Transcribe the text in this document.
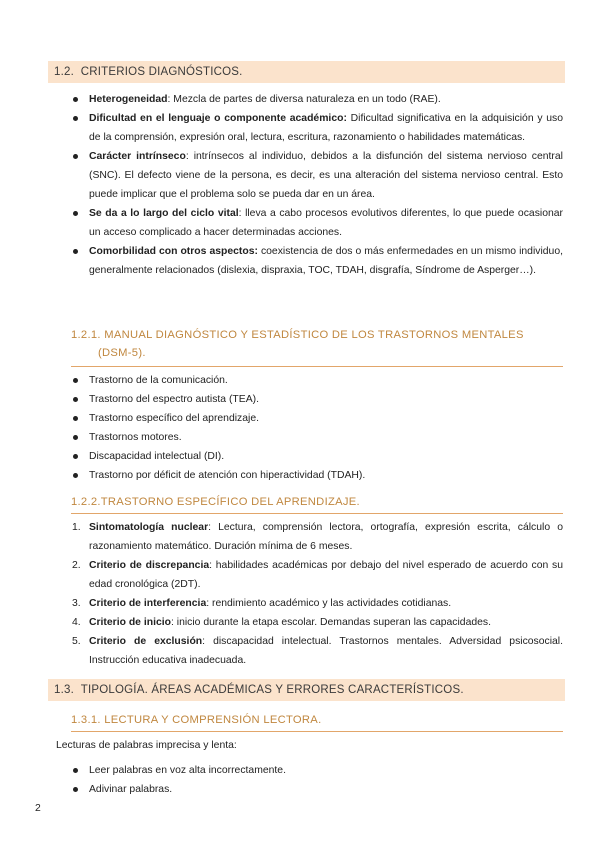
1.2.
CRITERIOS DIAGNÓSTICOS.
Heterogeneidad: Mezcla de partes de diversa naturaleza en un todo (RAE).
Dificultad en el lenguaje o componente académico: Dificultad significativa en la adquisición y uso de la comprensión, expresión oral, lectura, escritura, razonamiento o habilidades matemáticas.
Carácter intrínseco: intrínsecos al individuo, debidos a la disfunción del sistema nervioso central (SNC). El defecto viene de la persona, es decir, es una alteración del sistema nervioso central. Esto puede implicar que el problema solo se pueda dar en un área.
Se da a lo largo del ciclo vital: lleva a cabo procesos evolutivos diferentes, lo que puede ocasionar un acceso complicado a hacer determinadas acciones.
Comorbilidad con otros aspectos: coexistencia de dos o más enfermedades en un mismo individuo, generalmente relacionados (dislexia, dispraxia, TOC, TDAH, disgrafía, Síndrome de Asperger…).
1.2.1. MANUAL DIAGNÓSTICO Y ESTADÍSTICO DE LOS TRASTORNOS MENTALES
(DSM-5).
Trastorno de la comunicación.
Trastorno del espectro autista (TEA).
Trastorno específico del aprendizaje.
Trastornos motores.
Discapacidad intelectual (DI).
Trastorno por déficit de atención con hiperactividad (TDAH).
1.2.2.TRASTORNO ESPECÍFICO DEL APRENDIZAJE.
1. Sintomatología nuclear: Lectura, comprensión lectora, ortografía, expresión escrita, cálculo o razonamiento matemático. Duración mínima de 6 meses.
2. Criterio de discrepancia: habilidades académicas por debajo del nivel esperado de acuerdo con su edad cronológica (2DT).
3. Criterio de interferencia: rendimiento académico y las actividades cotidianas.
4. Criterio de inicio: inicio durante la etapa escolar. Demandas superan las capacidades.
5. Criterio de exclusión: discapacidad intelectual. Trastornos mentales. Adversidad psicosocial. Instrucción educativa inadecuada.
1.3.
TIPOLOGÍA. ÁREAS ACADÉMICAS Y ERRORES CARACTERÍSTICOS.
1.3.1. LECTURA Y COMPRENSIÓN LECTORA.
Lecturas de palabras imprecisa y lenta:
Leer palabras en voz alta incorrectamente.
Adivinar palabras.
2
